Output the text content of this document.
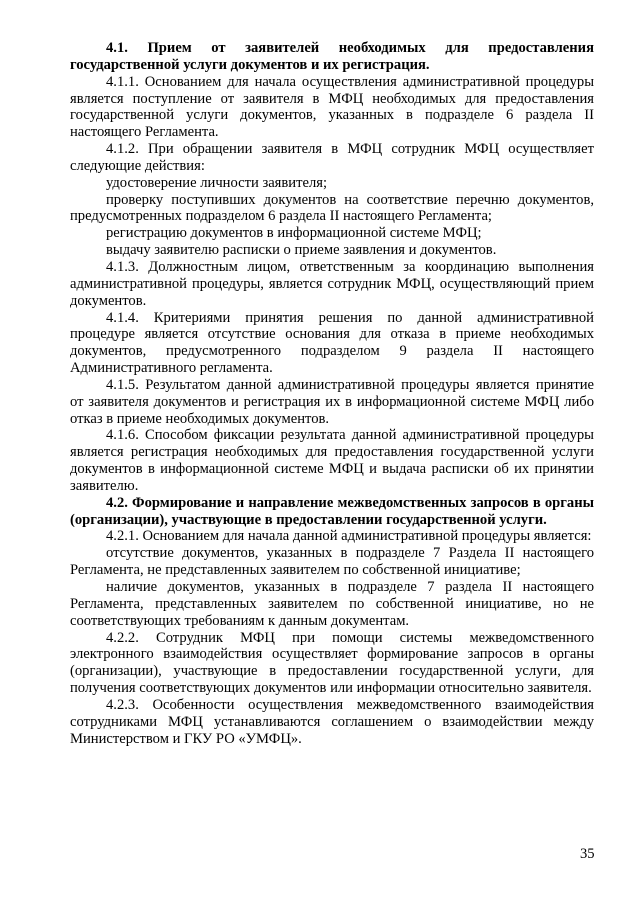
4.1. Прием от заявителей необходимых для предоставления государственной услуги документов и их регистрация.

4.1.1. Основанием для начала осуществления административной процедуры является поступление от заявителя в МФЦ необходимых для предоставления государственной услуги документов, указанных в подразделе 6 раздела II настоящего Регламента.

4.1.2. При обращении заявителя в МФЦ сотрудник МФЦ осуществляет следующие действия:

удостоверение личности заявителя;

проверку поступивших документов на соответствие перечню документов, предусмотренных подразделом 6 раздела II настоящего Регламента;

регистрацию документов в информационной системе МФЦ;

выдачу заявителю расписки о приеме заявления и документов.

4.1.3. Должностным лицом, ответственным за координацию выполнения административной процедуры, является сотрудник МФЦ, осуществляющий прием документов.

4.1.4. Критериями принятия решения по данной административной процедуре является отсутствие основания для отказа в приеме необходимых документов, предусмотренного подразделом 9 раздела II настоящего Административного регламента.

4.1.5. Результатом данной административной процедуры является принятие от заявителя документов и регистрация их в информационной системе МФЦ либо отказ в приеме необходимых документов.

4.1.6. Способом фиксации результата данной административной процедуры является регистрация необходимых для предоставления государственной услуги документов в информационной системе МФЦ и выдача расписки об их принятии заявителю.

4.2. Формирование и направление межведомственных запросов в органы (организации), участвующие в предоставлении государственной услуги.

4.2.1. Основанием для начала данной административной процедуры является:

отсутствие документов, указанных в подразделе 7 Раздела II настоящего Регламента, не представленных заявителем по собственной инициативе;

наличие документов, указанных в подразделе 7 раздела II настоящего Регламента, представленных заявителем по собственной инициативе, но не соответствующих требованиям к данным документам.

4.2.2. Сотрудник МФЦ при помощи системы межведомственного электронного взаимодействия осуществляет формирование запросов в органы (организации), участвующие в предоставлении государственной услуги, для получения соответствующих документов или информации относительно заявителя.

4.2.3. Особенности осуществления межведомственного взаимодействия сотрудниками МФЦ устанавливаются соглашением о взаимодействии между Министерством и ГКУ РО «УМФЦ».

35
